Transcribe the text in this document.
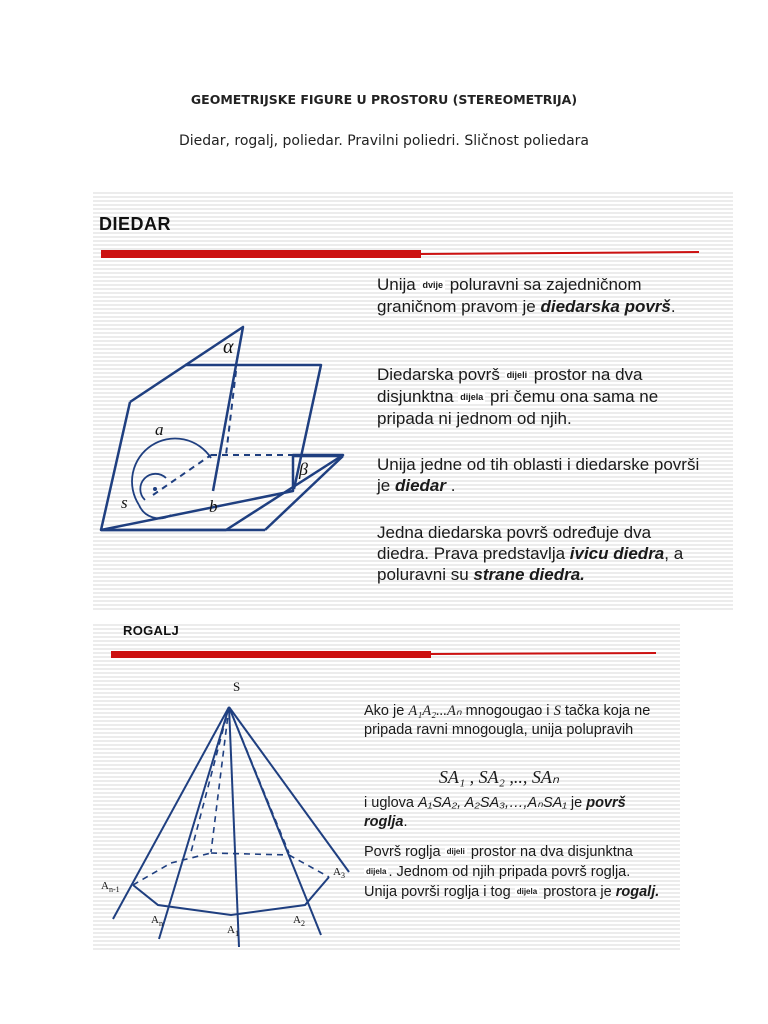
GEOMETRIJSKE FIGURE U PROSTORU (STEREOMETRIJA)
Diedar, rogalj, poliedar. Pravilni poliedri. Sličnost poliedara
DIEDAR
α
β
a
b
s
Unija dvije poluravni sa zajedničnom graničnom pravom je diedarska površ.
Diedarska površ dijeli prostor na dva disjunktna dijela pri čemu ona sama ne pripada ni jednom od njih.
Unija jedne od tih oblasti i diedarske površi je diedar .
Jedna diedarska površ određuje dva diedra. Prava predstavlja ivicu diedra, a poluravni su strane diedra.
ROGALJ
S
$A_{n-1}$
$A_n$
$A_1$
$A_2$
$A_3$
Ako je A₁A₂...Aₙ mnogougao i S tačka koja ne pripada ravni mnogougla, unija polupravih
SA₁ , SA₂ ,.., SAₙ
i uglova A₁SA₂, A₂SA₃,…,AₙSA₁ je površ roglja.
Površ roglja dijeli prostor na dva disjunktna dijela . Jednom od njih pripada površ roglja. Unija površi roglja i tog dijela prostora je rogalj.
